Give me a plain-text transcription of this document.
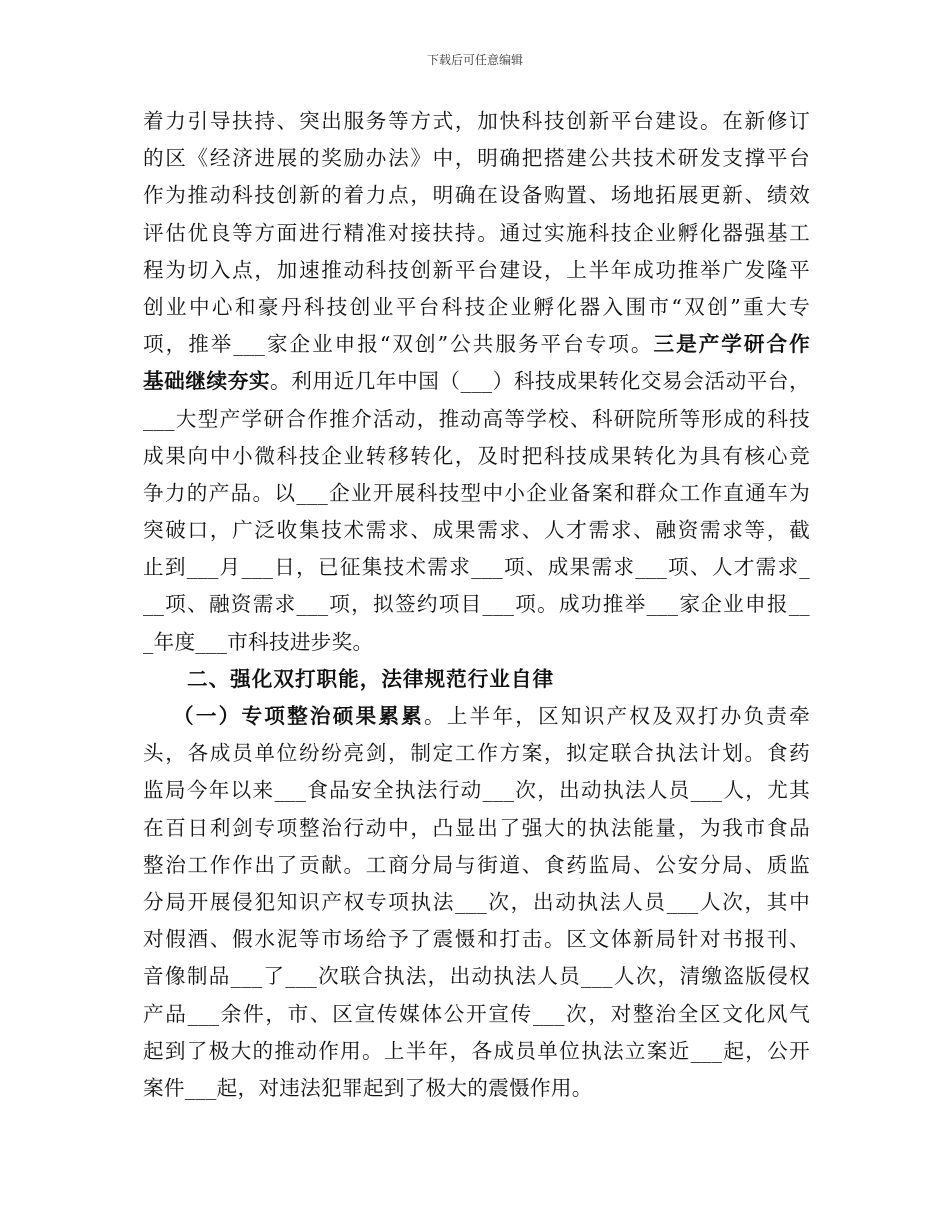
下载后可任意编辑
着力引导扶持、突出服务等方式，加快科技创新平台建设。在新修订
的区《经济进展的奖励办法》中，明确把搭建公共技术研发支撑平台
作为推动科技创新的着力点，明确在设备购置、场地拓展更新、绩效
评估优良等方面进行精准对接扶持。通过实施科技企业孵化器强基工
程为切入点，加速推动科技创新平台建设，上半年成功推举广发隆平
创业中心和豪丹科技创业平台科技企业孵化器入围市“双创”重大专
项，推举___家企业申报“双创”公共服务平台专项。三是产学研合作
基础继续夯实。利用近几年中国（___）科技成果转化交易会活动平台，
___大型产学研合作推介活动，推动高等学校、科研院所等形成的科技
成果向中小微科技企业转移转化，及时把科技成果转化为具有核心竞
争力的产品。以___企业开展科技型中小企业备案和群众工作直通车为
突破口，广泛收集技术需求、成果需求、人才需求、融资需求等，截
止到___月___日，已征集技术需求___项、成果需求___项、人才需求_
__项、融资需求___项，拟签约项目___项。成功推举___家企业申报__
_年度___市科技进步奖。
二、强化双打职能，法律规范行业自律
（一）专项整治硕果累累。上半年，区知识产权及双打办负责牵
头，各成员单位纷纷亮剑，制定工作方案，拟定联合执法计划。食药
监局今年以来___食品安全执法行动___次，出动执法人员___人，尤其
在百日利剑专项整治行动中，凸显出了强大的执法能量，为我市食品
整治工作作出了贡献。工商分局与街道、食药监局、公安分局、质监
分局开展侵犯知识产权专项执法___次，出动执法人员___人次，其中
对假酒、假水泥等市场给予了震慑和打击。区文体新局针对书报刊、
音像制品___了___次联合执法，出动执法人员___人次，清缴盗版侵权
产品___余件，市、区宣传媒体公开宣传___次，对整治全区文化风气
起到了极大的推动作用。上半年，各成员单位执法立案近___起，公开
案件___起，对违法犯罪起到了极大的震慑作用。
